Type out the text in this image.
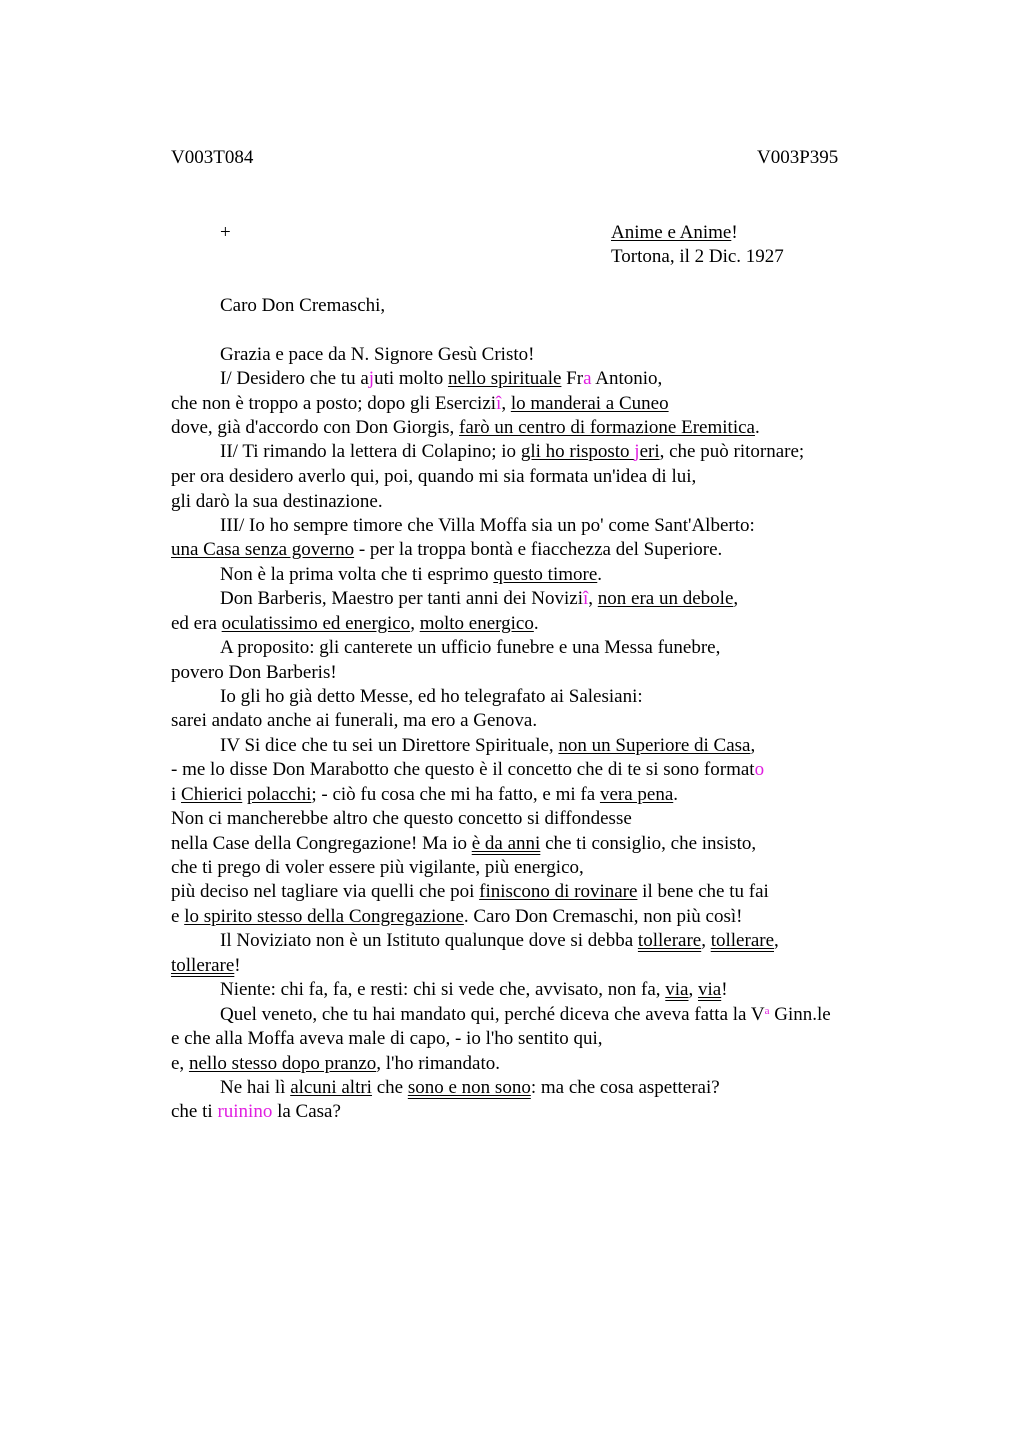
V003T084	V003P395
+	Anime e Anime!
Tortona, il 2 Dic. 1927
Caro Don Cremaschi,
Grazia e pace da N. Signore Gesù Cristo!
I/ Desidero che tu ajuti molto nello spirituale Fra Antonio,
che non è troppo a posto; dopo gli Eserciziî, lo manderai a Cuneo
dove, già d'accordo con Don Giorgis, farò un centro di formazione Eremitica.
II/ Ti rimando la lettera di Colapino; io gli ho risposto jeri, che può ritornare;
per ora desidero averlo qui, poi, quando mi sia formata un'idea di lui,
gli darò la sua destinazione.
III/ Io ho sempre timore che Villa Moffa sia un po' come Sant'Alberto:
una Casa senza governo - per la troppa bontà e fiacchezza del Superiore.
Non è la prima volta che ti esprimo questo timore.
Don Barberis, Maestro per tanti anni dei Noviziî, non era un debole,
ed era oculatissimo ed energico, molto energico.
A proposito: gli canterete un ufficio funebre e una Messa funebre,
povero Don Barberis!
Io gli ho già detto Messe, ed ho telegrafato ai Salesiani:
sarei andato anche ai funerali, ma ero a Genova.
IV Si dice che tu sei un Direttore Spirituale, non un Superiore di Casa,
- me lo disse Don Marabotto che questo è il concetto che di te si sono formato
i Chierici polacchi; - ciò fu cosa che mi ha fatto, e mi fa vera pena.
Non ci mancherebbe altro che questo concetto si diffondesse
nella Case della Congregazione! Ma io è da anni che ti consiglio, che insisto,
che ti prego di voler essere più vigilante, più energico,
più deciso nel tagliare via quelli che poi finiscono di rovinare il bene che tu fai
e lo spirito stesso della Congregazione. Caro Don Cremaschi, non più così!
Il Noviziato non è un Istituto qualunque dove si debba tollerare, tollerare,
tollerare!
Niente: chi fa, fa, e resti: chi si vede che, avvisato, non fa, via, via!
Quel veneto, che tu hai mandato qui, perché diceva che aveva fatta la $V^a$ Ginn.le
e che alla Moffa aveva male di capo, - io l'ho sentito qui,
e, nello stesso dopo pranzo, l'ho rimandato.
Ne hai lì alcuni altri che sono e non sono: ma che cosa aspetterai?
che ti ruinino la Casa?
